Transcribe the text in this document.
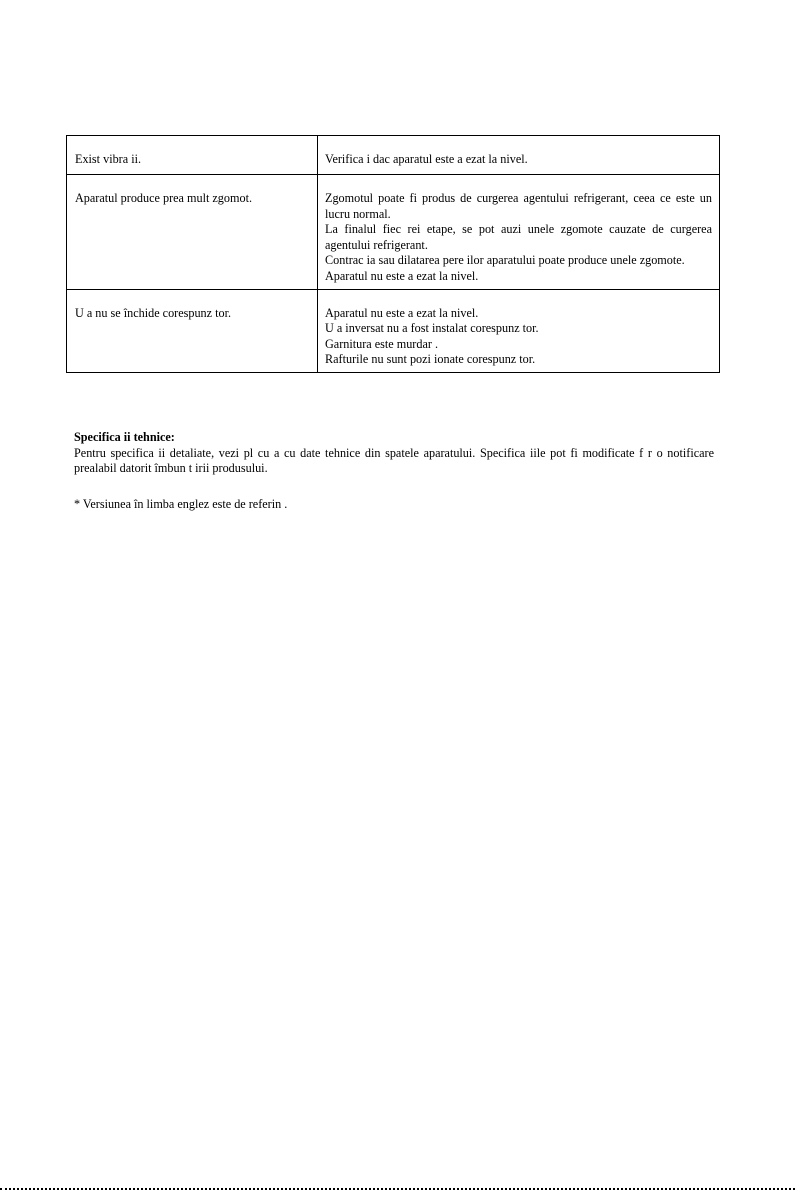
Exist vibra ii.	Verifica i dac aparatul este a ezat la nivel.

Aparatul produce prea mult zgomot.	Zgomotul poate fi produs de curgerea agentului refrigerant, ceea ce este un lucru normal.
La finalul fiec rei etape, se pot auzi unele zgomote cauzate de curgerea agentului refrigerant.
Contrac ia sau dilatarea pere ilor aparatului poate produce unele zgomote.
Aparatul nu este a ezat la nivel.

U a nu se închide corespunz tor.	Aparatul nu este a ezat la nivel.
U a inversat nu a fost instalat corespunz tor.
Garnitura este murdar .
Rafturile nu sunt pozi ionate corespunz tor.
Specifica ii tehnice:
Pentru specifica ii detaliate, vezi pl cu a cu date tehnice din spatele aparatului. Specifica iile pot fi modificate f r o notificare prealabil datorit îmbun t irii produsului.
* Versiunea în limba englez este de referin .
